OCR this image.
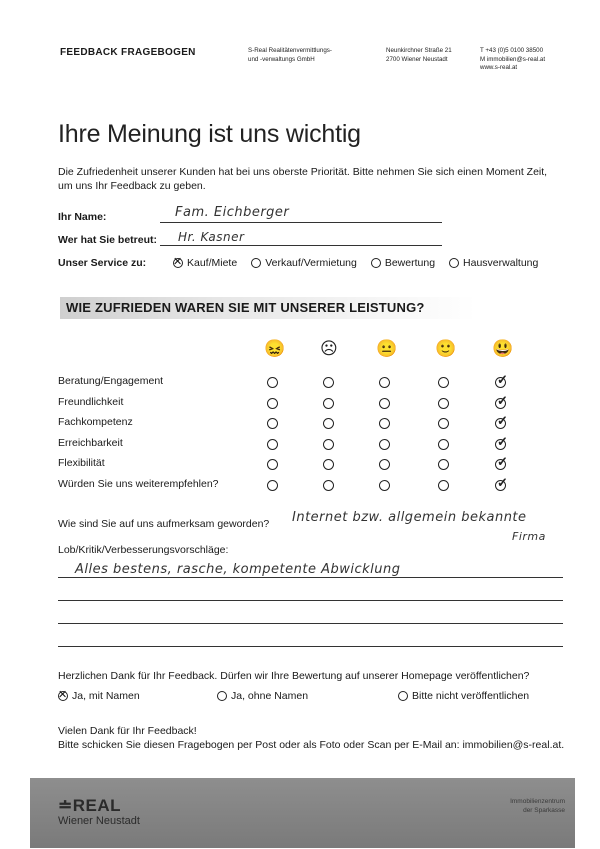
FEEDBACK FRAGEBOGEN	S-Real Realitätenvermittlungs-
und -verwaltungs GmbH
Neunkirchner Straße 21
2700 Wiener Neustadt
T +43 (0)5 0100 38500
M immobilien@s-real.at
www.s-real.at
Ihre Meinung ist uns wichtig
Die Zufriedenheit unserer Kunden hat bei uns oberste Priorität. Bitte nehmen Sie sich einen Moment Zeit,
um uns Ihr Feedback zu geben.
Ihr Name:	Fam. Eichberger
Wer hat Sie betreut: Hr. Kasner
Unser Service zu:
✕	Kauf/Miete	Verkauf/Vermietung	Bewertung	Hausverwaltung
WIE ZUFRIEDEN WAREN SIE MIT UNSERER LEISTUNG?
😖 ☹ 😐 🙂 😃
Beratung/Engagement	✓
Freundlichkeit	✓
Fachkompetenz	✓
Erreichbarkeit	✓
Flexibilität	✓
Würden Sie uns weiterempfehlen?	✓
Wie sind Sie auf uns aufmerksam geworden? Internet bzw. allgemein bekannte
Firma
Lob/Kritik/Verbesserungsvorschläge:
Alles bestens, rasche, kompetente Abwicklung
Herzlichen Dank für Ihr Feedback. Dürfen wir Ihre Bewertung auf unserer Homepage veröffentlichen?
✕
Ja, mit Namen	Ja, ohne Namen	Bitte nicht veröffentlichen
Vielen Dank für Ihr Feedback!
Bitte schicken Sie diesen Fragebogen per Post oder als Foto oder Scan per E-Mail an: immobilien@s-real.at.
≐REAL
Wiener Neustadt
Immobilienzentrum
der Sparkasse
